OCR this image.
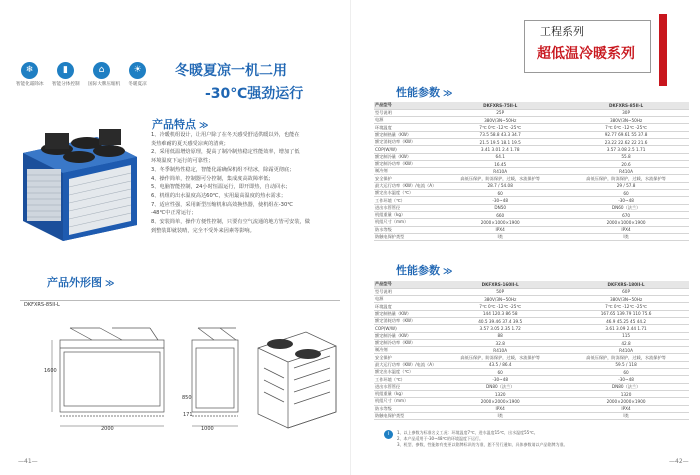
❄
智能化霜除冰
▮
智能分体控制
⌂
国际大牌压缩机
☀
冬暖夏凉
冬暖夏凉一机二用
-30℃强劲运行
产品特点 ≫
1、冷暖机组设计，让用户除了在冬天感受舒适供暖以外，也能在
炎热难耐的夏天感受凉爽的清爽；
2、采用低温增焓原理，提高了制冷制热稳定性能效率，增加了低
环境温度下运行的可靠性；
3、冬季制热性稳定，智能化霜确保机组不结冰，除霜更彻底；
4、操作简单，控制器可分控制，集成度高故障率低；
5、电脑智能控制，24小时恒温运行，即开即热，自动回水；
6、机组的出水温度高达60℃，实用最高温度的热水需求；
7、适应性强，采用新型压缩机和高效换热器，使机组在-30℃
-48℃中正常运行；
8、安装简单，操作方便性控制，只要有空气流通的地方皆可安装，做
到整装即就装晴，完全不受外来因素等影响。
产品外形图 ≫
DKFXRS-85II-L
1600
2000	1000
171
850
—41—
工程系列
超低温冷暖系列
性能参数 ≫
产品型号	DKFXRS-75II-L	DKFXRS-85II-L
型号说明	25P	30P
电源	380V/3N~50Hz	380V/3N~50Hz
环境温度	7℃ 0℃ -12℃ -25℃	7℃ 0℃ -12℃ -25℃
额定制热量（KW）	73.5 58.8 43.3 34.7	92.77 69.61 55 37.8
额定消耗功率（KW）	21.5 19.5 18.1 19.5	23.22 22.62 22 21.6
COP(W/W)	3.41 3.01 2.4 1.78	3.57 3.08 2.5 1.71
额定制冷量（KW）	64.1	55.8
额定制冷功率（KW）	16.45	20.6
制冷剂	R410A	R410A
安全保护	高低压保护，防冻保护，过载，水流保护等	高低压保护，防冻保护，过载，水流保护等
最大运行功率（KW）/电流（A）	28.7 / 54.08	29 / 57.8
额定出水温度（℃）	60	60
工作环境（℃）	-30~48	-30~48
进出水管管径	DN50	DN60（法兰）
机组重量（kg）	660	670
机组尺寸（mm）	2000×1000×1900	2000×1000×1900
防水等级	IPX4	IPX4
防触电保护类型	I类	I类
性能参数 ≫
产品型号	DKFXRS-160II-L	DKFXRS-180II-L
型号说明	50P	60P
电源	380V/3N~50Hz	380V/3N~50Hz
环境温度	7℃ 0℃ -12℃ -25℃	7℃ 0℃ -12℃ -25℃
额定制热量（KW）	144 120.3 86 58	167.65 139.79 110 75.6
额定消耗功率（KW）	40.5 39.46 37.4 39.5	46.9 45.25 45 44.2
COP(W/W)	3.57 3.05 2.35 1.72	3.61 3.09 2.44 1.71
额定制冷量（KW）	88	115
额定制冷功率（KW）	32.8	42.8
制冷剂	R410A	R410A
安全保护	高低压保护，防冻保护，过载，水流保护等	高低压保护，防冻保护，过载，水流保护等
最大运行功率（KW）/电流（A）	43.5 / 86.4	59.5 / 118
额定出水温度（℃）	60	60
工作环境（℃）	-30~48	-30~48
进出水管管径	DN80（法兰）	DN80（法兰）
机组重量（kg）	1320	1320
机组尺寸（mm）	2000×2000×1900	2000×2000×1900
防水等级	IPX4	IPX4
防触电保护类型	I类	I类
i	1、以上参数为标准名义工况：环境温度7℃，进水温度15℃，出水温度55℃。
2、本产品适用于-30~48℃的环境温度下运行。
3、机型、参数、性能如有变更以铭牌标识的为准，恕不另行通知，具体参数请以产品铭牌为准。
—42—
